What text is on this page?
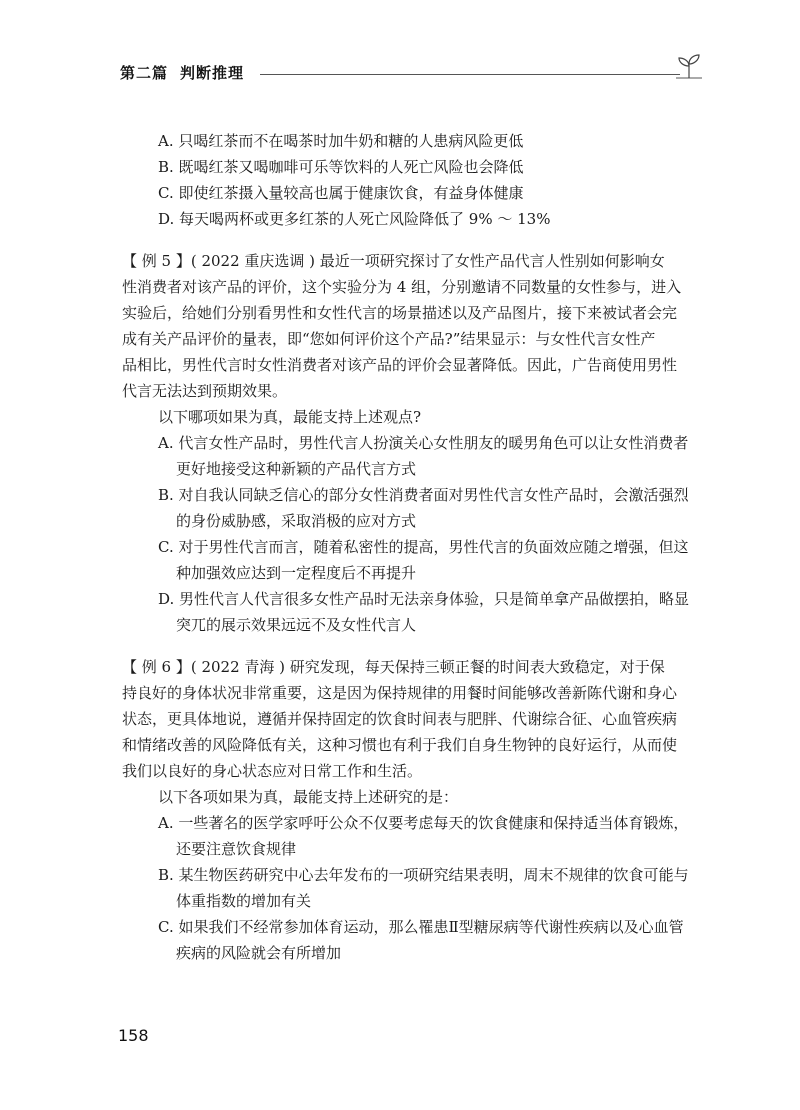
第二篇 判断推理
A. 只喝红茶而不在喝茶时加牛奶和糖的人患病风险更低
B. 既喝红茶又喝咖啡可乐等饮料的人死亡风险也会降低
C. 即使红茶摄入量较高也属于健康饮食，有益身体健康
D. 每天喝两杯或更多红茶的人死亡风险降低了 9% ～ 13%
【 例 5 】( 2022 重庆选调 ) 最近一项研究探讨了女性产品代言人性别如何影响女
性消费者对该产品的评价，这个实验分为 4 组，分别邀请不同数量的女性参与，进入
实验后，给她们分别看男性和女性代言的场景描述以及产品图片，接下来被试者会完
成有关产品评价的量表，即“您如何评价这个产品?”结果显示：与女性代言女性产
品相比，男性代言时女性消费者对该产品的评价会显著降低。因此，广告商使用男性
代言无法达到预期效果。
以下哪项如果为真，最能支持上述观点?
A. 代言女性产品时，男性代言人扮演关心女性朋友的暖男角色可以让女性消费者
更好地接受这种新颖的产品代言方式
B. 对自我认同缺乏信心的部分女性消费者面对男性代言女性产品时，会激活强烈
的身份威胁感，采取消极的应对方式
C. 对于男性代言而言，随着私密性的提高，男性代言的负面效应随之增强，但这
种加强效应达到一定程度后不再提升
D. 男性代言人代言很多女性产品时无法亲身体验，只是简单拿产品做摆拍，略显
突兀的展示效果远远不及女性代言人
【 例 6 】( 2022 青海 ) 研究发现，每天保持三顿正餐的时间表大致稳定，对于保
持良好的身体状况非常重要，这是因为保持规律的用餐时间能够改善新陈代谢和身心
状态，更具体地说，遵循并保持固定的饮食时间表与肥胖、代谢综合征、心血管疾病
和情绪改善的风险降低有关，这种习惯也有利于我们自身生物钟的良好运行，从而使
我们以良好的身心状态应对日常工作和生活。
以下各项如果为真，最能支持上述研究的是：
A. 一些著名的医学家呼吁公众不仅要考虑每天的饮食健康和保持适当体育锻炼，
还要注意饮食规律
B. 某生物医药研究中心去年发布的一项研究结果表明，周末不规律的饮食可能与
体重指数的增加有关
C. 如果我们不经常参加体育运动，那么罹患Ⅱ型糖尿病等代谢性疾病以及心血管
疾病的风险就会有所增加
158
